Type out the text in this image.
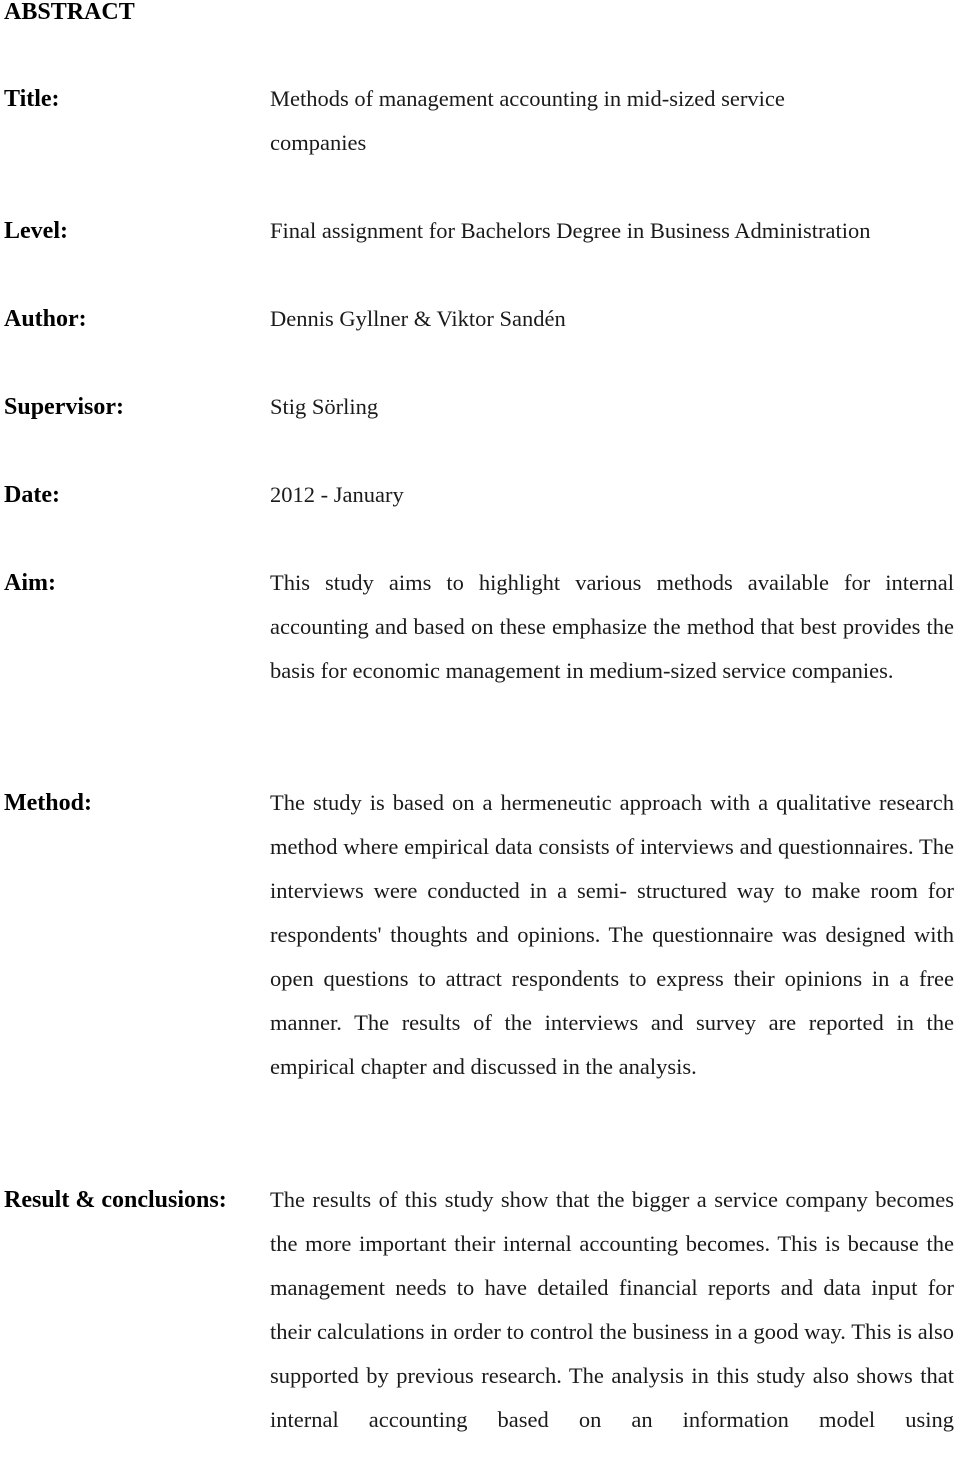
ABSTRACT
Title:	Methods of management accounting in mid-sized service companies
Level:	Final assignment for Bachelors Degree in Business Administration
Author:	Dennis Gyllner & Viktor Sandén
Supervisor:	Stig Sörling
Date:	2012 - January
Aim:	This study aims to highlight various methods available for internal accounting and based on these emphasize the method that best provides the basis for economic management in medium-sized service companies.
Method:	The study is based on a hermeneutic approach with a qualitative research method where empirical data consists of interviews and questionnaires. The interviews were conducted in a semi- structured way to make room for respondents' thoughts and opinions. The questionnaire was designed with open questions to attract respondents to express their opinions in a free manner. The results of the interviews and survey are reported in the empirical chapter and discussed in the analysis.
Result & conclusions: The results of this study show that the bigger a service company becomes the more important their internal accounting becomes. This is because the management needs to have detailed financial reports and data input for their calculations in order to control the business in a good way. This is also supported by previous research. The analysis in this study also shows that internal accounting based on an information model using
